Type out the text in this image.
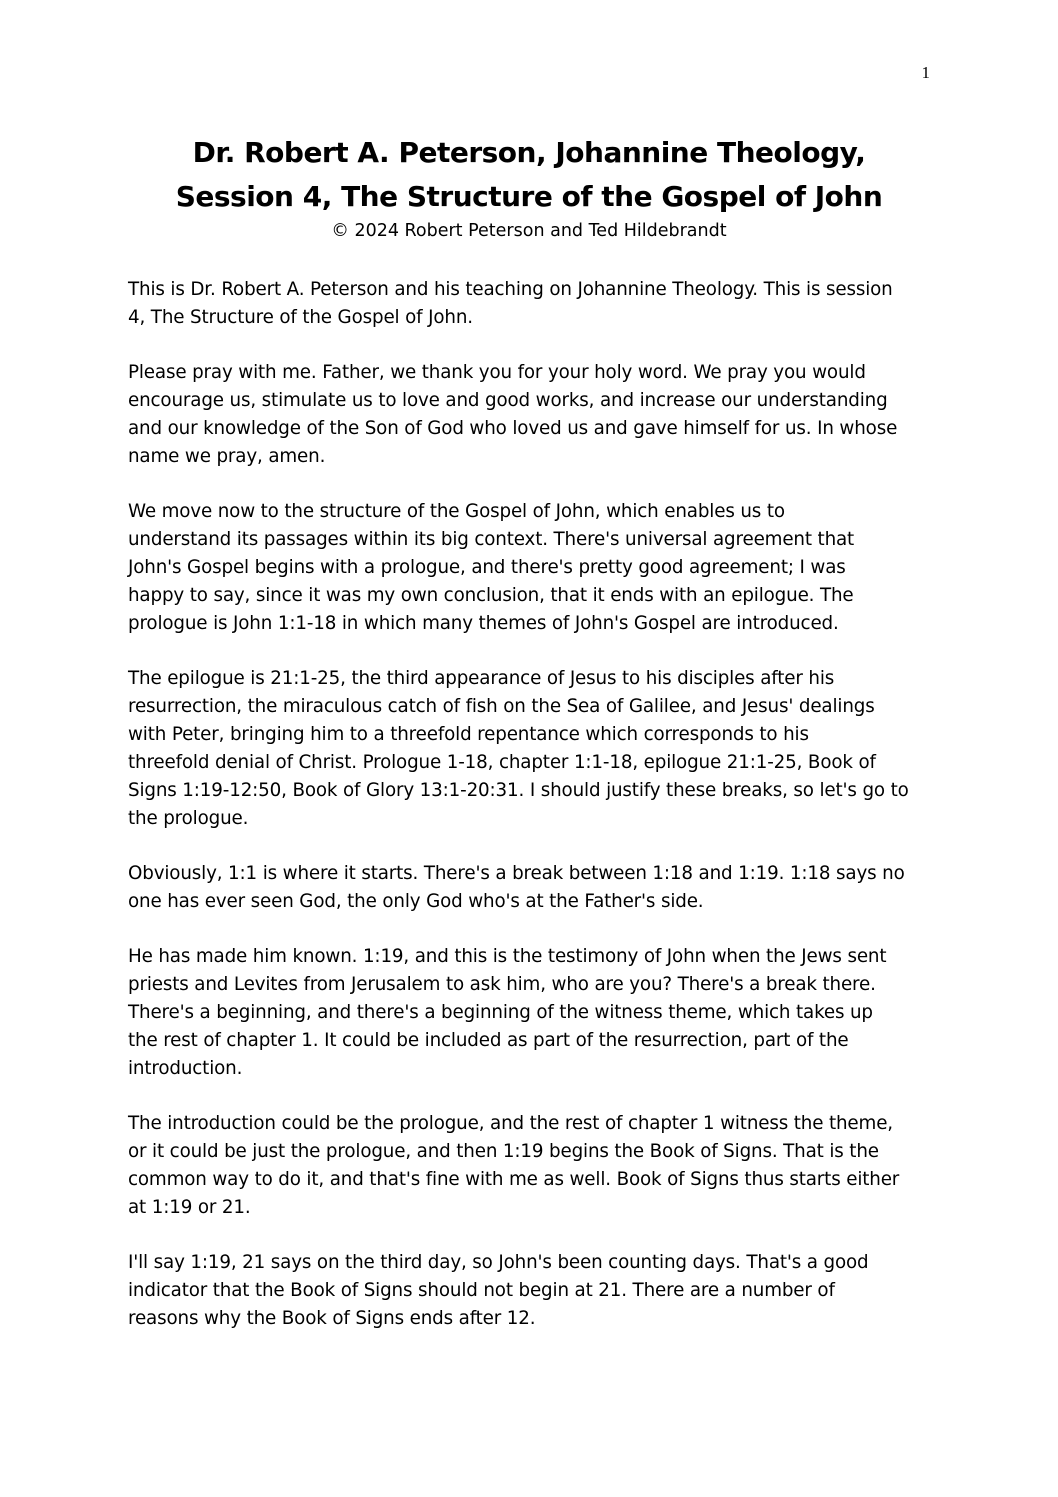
1
Dr. Robert A. Peterson, Johannine Theology,
Session 4, The Structure of the Gospel of John
© 2024 Robert Peterson and Ted Hildebrandt
This is Dr. Robert A. Peterson and his teaching on Johannine Theology. This is session
4, The Structure of the Gospel of John.
Please pray with me. Father, we thank you for your holy word. We pray you would
encourage us, stimulate us to love and good works, and increase our understanding
and our knowledge of the Son of God who loved us and gave himself for us. In whose
name we pray, amen.
We move now to the structure of the Gospel of John, which enables us to
understand its passages within its big context. There's universal agreement that
John's Gospel begins with a prologue, and there's pretty good agreement; I was
happy to say, since it was my own conclusion, that it ends with an epilogue. The
prologue is John 1:1-18 in which many themes of John's Gospel are introduced.
The epilogue is 21:1-25, the third appearance of Jesus to his disciples after his
resurrection, the miraculous catch of fish on the Sea of Galilee, and Jesus' dealings
with Peter, bringing him to a threefold repentance which corresponds to his
threefold denial of Christ. Prologue 1-18, chapter 1:1-18, epilogue 21:1-25, Book of
Signs 1:19-12:50, Book of Glory 13:1-20:31. I should justify these breaks, so let's go to
the prologue.
Obviously, 1:1 is where it starts. There's a break between 1:18 and 1:19. 1:18 says no
one has ever seen God, the only God who's at the Father's side.
He has made him known. 1:19, and this is the testimony of John when the Jews sent
priests and Levites from Jerusalem to ask him, who are you? There's a break there.
There's a beginning, and there's a beginning of the witness theme, which takes up
the rest of chapter 1. It could be included as part of the resurrection, part of the
introduction.
The introduction could be the prologue, and the rest of chapter 1 witness the theme,
or it could be just the prologue, and then 1:19 begins the Book of Signs. That is the
common way to do it, and that's fine with me as well. Book of Signs thus starts either
at 1:19 or 21.
I'll say 1:19, 21 says on the third day, so John's been counting days. That's a good
indicator that the Book of Signs should not begin at 21. There are a number of
reasons why the Book of Signs ends after 12.
